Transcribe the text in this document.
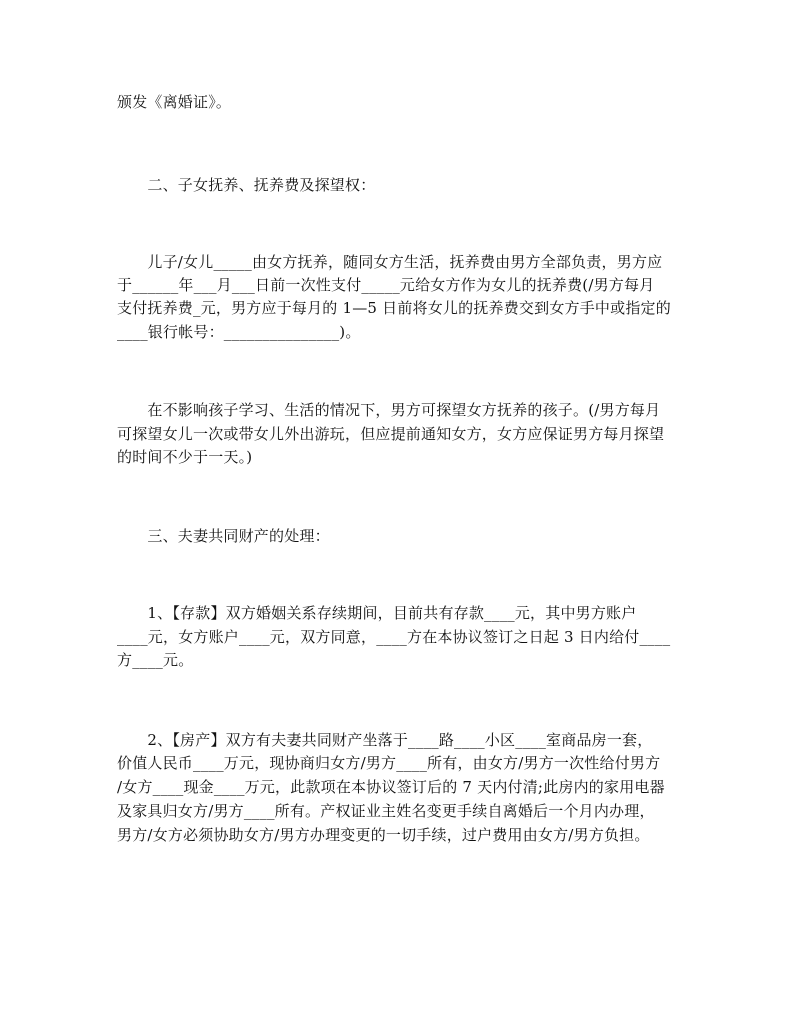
颁发《离婚证》。
　　二、子女抚养、抚养费及探望权：
　　儿子/女儿_____由女方抚养，随同女方生活，抚养费由男方全部负责，男方应
于______年___月___日前一次性支付_____元给女方作为女儿的抚养费(/男方每月
支付抚养费_元，男方应于每月的 1—5 日前将女儿的抚养费交到女方手中或指定的
____银行帐号：_______________)。
　　在不影响孩子学习、生活的情况下，男方可探望女方抚养的孩子。(/男方每月
可探望女儿一次或带女儿外出游玩，但应提前通知女方，女方应保证男方每月探望
的时间不少于一天。)
　　三、夫妻共同财产的处理：
　　1、【存款】双方婚姻关系存续期间，目前共有存款____元，其中男方账户
____元，女方账户____元，双方同意，____方在本协议签订之日起 3 日内给付____
方____元。
　　2、【房产】双方有夫妻共同财产坐落于____路____小区____室商品房一套，
价值人民币____万元，现协商归女方/男方____所有，由女方/男方一次性给付男方
/女方____现金____万元，此款项在本协议签订后的 7 天内付清;此房内的家用电器
及家具归女方/男方____所有。产权证业主姓名变更手续自离婚后一个月内办理，
男方/女方必须协助女方/男方办理变更的一切手续，过户费用由女方/男方负担。
